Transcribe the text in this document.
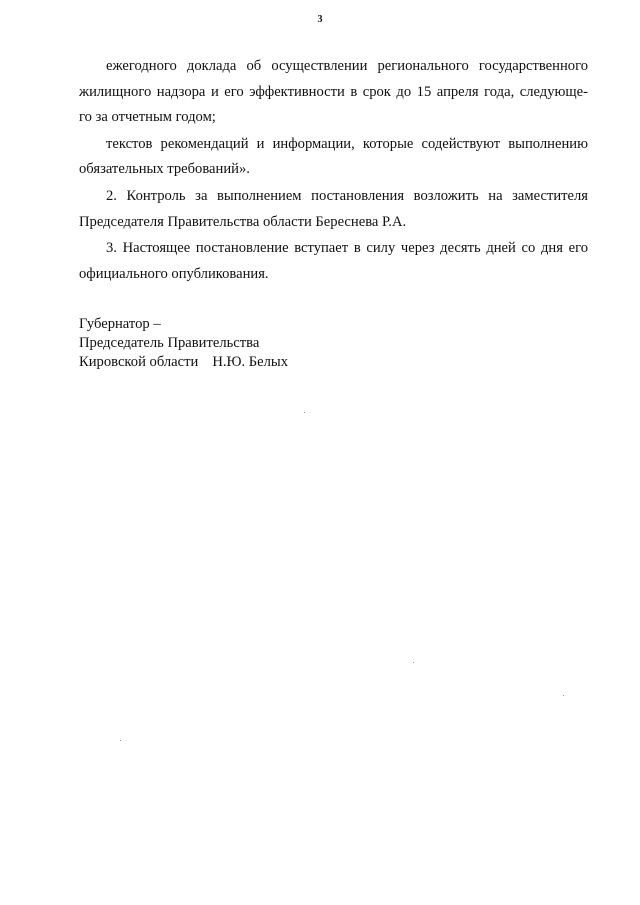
3
ежегодного доклада об осуществлении регионального государственного
жилищного надзора и его эффективности в срок до 15 апреля года, следующе-
го за отчетным годом;
текстов рекомендаций и информации, которые содействуют выполнению
обязательных требований».
2. Контроль за выполнением постановления возложить на заместителя
Председателя Правительства области Береснева Р.А.
3. Настоящее постановление вступает в силу через десять дней со дня его
официального опубликования.
Губернатор –
Председатель Правительства
Кировской области Н.Ю. Белых
